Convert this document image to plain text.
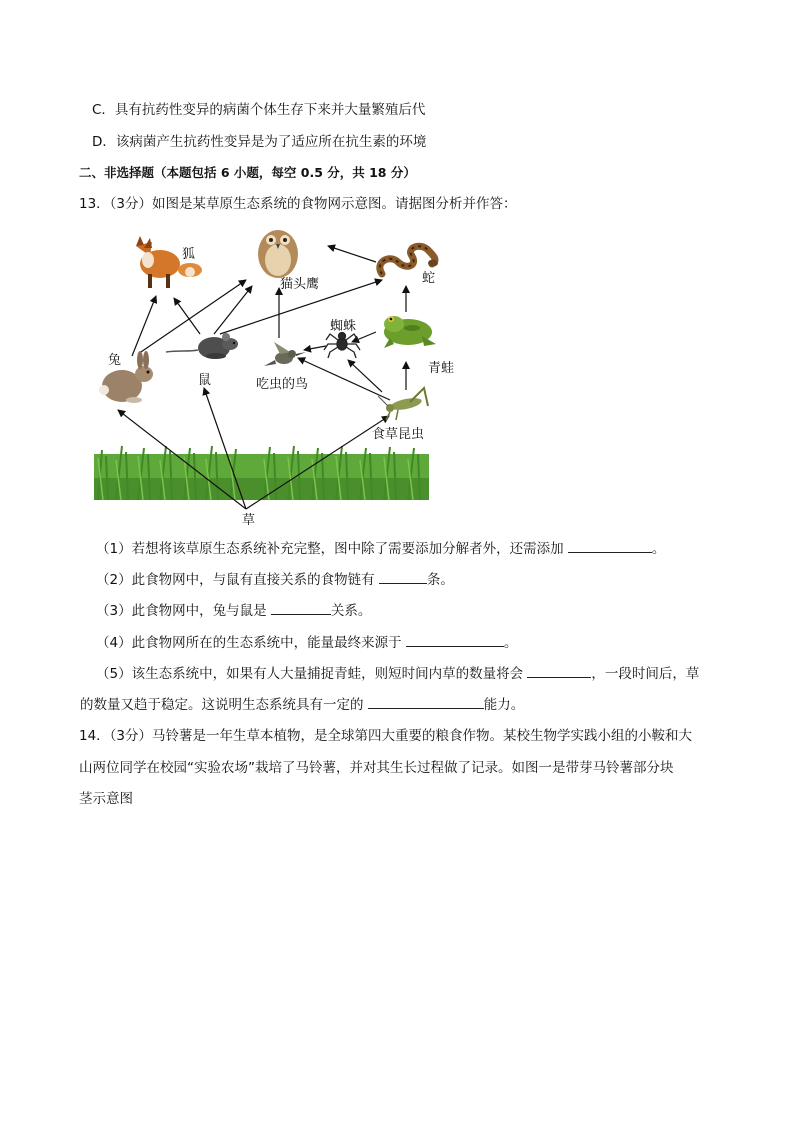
C．具有抗药性变异的病菌个体生存下来并大量繁殖后代
D．该病菌产生抗药性变异是为了适应所在抗生素的环境
二、非选择题（本题包括 6 小题，每空 0.5 分，共 18 分）
13．（3分）如图是某草原生态系统的食物网示意图。请据图分析并作答：
狐
猫头鹰	蛇
蜘蛛
青蛙
兔
鼠	吃虫的鸟
食草昆虫
草
（1）若想将该草原生态系统补充完整，图中除了需要添加分解者外，还需添加	。
（2）此食物网中，与鼠有直接关系的食物链有	条。
（3）此食物网中，兔与鼠是	关系。
（4）此食物网所在的生态系统中，能量最终来源于	。
（5）该生态系统中，如果有人大量捕捉青蛙，则短时间内草的数量将会	，一段时间后，草
的数量又趋于稳定。这说明生态系统具有一定的	能力。
14．（3分）马铃薯是一年生草本植物，是全球第四大重要的粮食作物。某校生物学实践小组的小鞍和大
山两位同学在校园“实验农场”栽培了马铃薯，并对其生长过程做了记录。如图一是带芽马铃薯部分块
茎示意图
